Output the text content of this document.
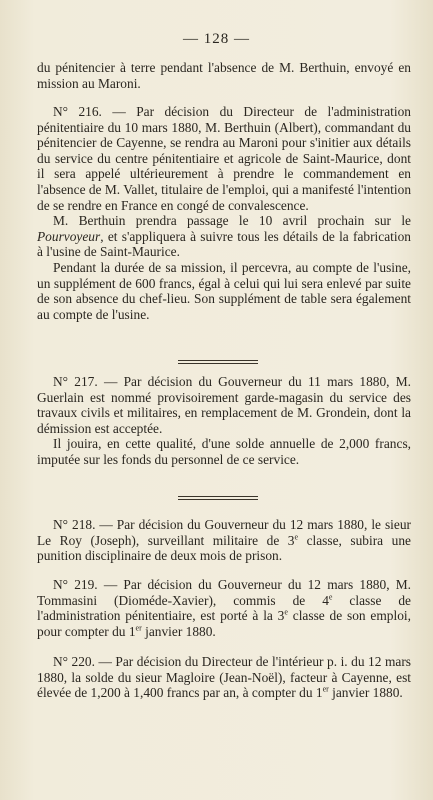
— 128 —

du pénitencier à terre pendant l'absence de M. Berthuin, envoyé en mission au Maroni.

N° 216. — Par décision du Directeur de l'administration pénitentiaire du 10 mars 1880, M. Berthuin (Albert), commandant du pénitencier de Cayenne, se rendra au Maroni pour s'initier aux détails du service du centre pénitentiaire et agricole de Saint-Maurice, dont il sera appelé ultérieurement à prendre le commandement en l'absence de M. Vallet, titulaire de l'emploi, qui a manifesté l'intention de se rendre en France en congé de convalescence.

M. Berthuin prendra passage le 10 avril prochain sur le Pourvoyeur, et s'appliquera à suivre tous les détails de la fabrication à l'usine de Saint-Maurice.

Pendant la durée de sa mission, il percevra, au compte de l'usine, un supplément de 600 francs, égal à celui qui lui sera enlevé par suite de son absence du chef-lieu. Son supplément de table sera également au compte de l'usine.

N° 217. — Par décision du Gouverneur du 11 mars 1880, M. Guerlain est nommé provisoirement garde-magasin du service des travaux civils et militaires, en remplacement de M. Grondein, dont la démission est acceptée.

Il jouira, en cette qualité, d'une solde annuelle de 2,000 francs, imputée sur les fonds du personnel de ce service.

N° 218. — Par décision du Gouverneur du 12 mars 1880, le sieur Le Roy (Joseph), surveillant militaire de 3e classe, subira une punition disciplinaire de deux mois de prison.

N° 219. — Par décision du Gouverneur du 12 mars 1880, M. Tommasini (Dioméde-Xavier), commis de 4e classe de l'administration pénitentiaire, est porté à la 3e classe de son emploi, pour compter du 1er janvier 1880.

N° 220. — Par décision du Directeur de l'intérieur p. i. du 12 mars 1880, la solde du sieur Magloire (Jean-Noël), facteur à Cayenne, est élevée de 1,200 à 1,400 francs par an, à compter du 1er janvier 1880.
